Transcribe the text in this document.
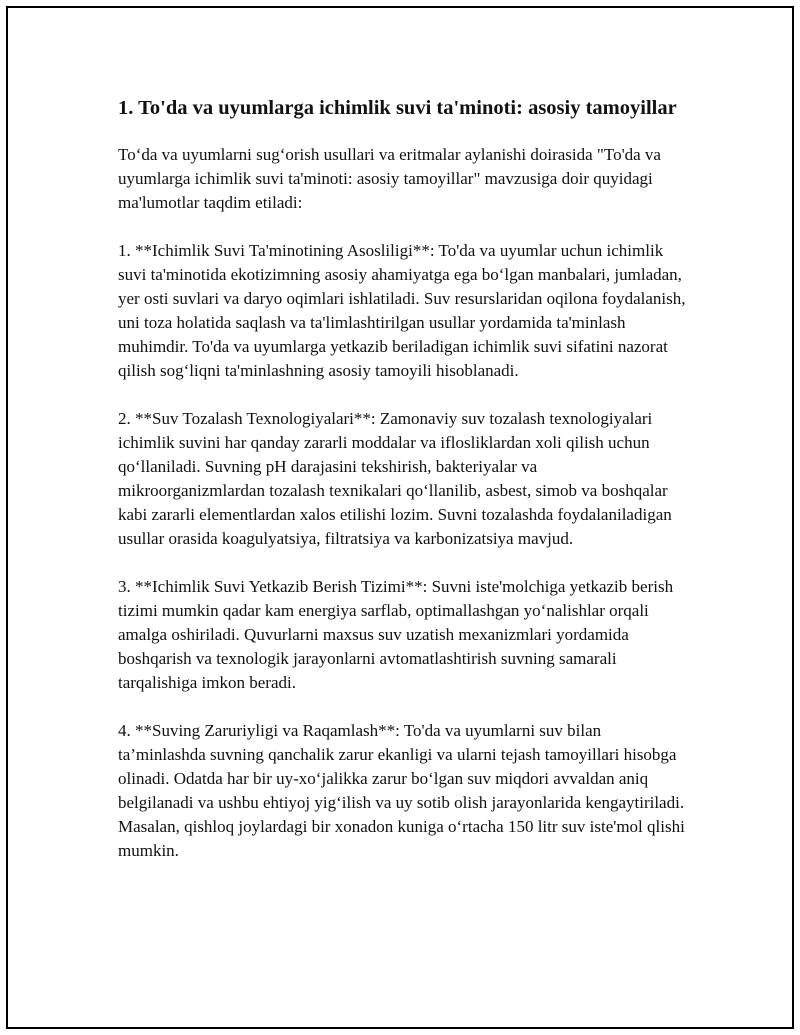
1. To'da va uyumlarga ichimlik suvi ta'minoti: asosiy tamoyillar

To‘da va uyumlarni sug‘orish usullari va eritmalar aylanishi doirasida "To'da va uyumlarga ichimlik suvi ta'minoti: asosiy tamoyillar" mavzusiga doir quyidagi ma'lumotlar taqdim etiladi:

1. **Ichimlik Suvi Ta'minotining Asosliligi**: To'da va uyumlar uchun ichimlik suvi ta'minotida ekotizimning asosiy ahamiyatga ega bo‘lgan manbalari, jumladan, yer osti suvlari va daryo oqimlari ishlatiladi. Suv resurslaridan oqilona foydalanish, uni toza holatida saqlash va ta'limlashtirilgan usullar yordamida ta'minlash muhimdir. To'da va uyumlarga yetkazib beriladigan ichimlik suvi sifatini nazorat qilish sog‘liqni ta'minlashning asosiy tamoyili hisoblanadi.

2. **Suv Tozalash Texnologiyalari**: Zamonaviy suv tozalash texnologiyalari ichimlik suvini har qanday zararli moddalar va iflosliklardan xoli qilish uchun qo‘llaniladi. Suvning pH darajasini tekshirish, bakteriyalar va mikroorganizmlardan tozalash texnikalari qo‘llanilib, asbest, simob va boshqalar kabi zararli elementlardan xalos etilishi lozim. Suvni tozalashda foydalaniladigan usullar orasida koagulyatsiya, filtratsiya va karbonizatsiya mavjud.

3. **Ichimlik Suvi Yetkazib Berish Tizimi**: Suvni iste'molchiga yetkazib berish tizimi mumkin qadar kam energiya sarflab, optimallashgan yo‘nalishlar orqali amalga oshiriladi. Quvurlarni maxsus suv uzatish mexanizmlari yordamida boshqarish va texnologik jarayonlarni avtomatlashtirish suvning samarali tarqalishiga imkon beradi.

4. **Suving Zaruriyligi va Raqamlash**: To'da va uyumlarni suv bilan ta’minlashda suvning qanchalik zarur ekanligi va ularni tejash tamoyillari hisobga olinadi. Odatda har bir uy-xo‘jalikka zarur bo‘lgan suv miqdori avvaldan aniq belgilanadi va ushbu ehtiyoj yig‘ilish va uy sotib olish jarayonlarida kengaytiriladi. Masalan, qishloq joylardagi bir xonadon kuniga o‘rtacha 150 litr suv iste'mol qlishi mumkin.
